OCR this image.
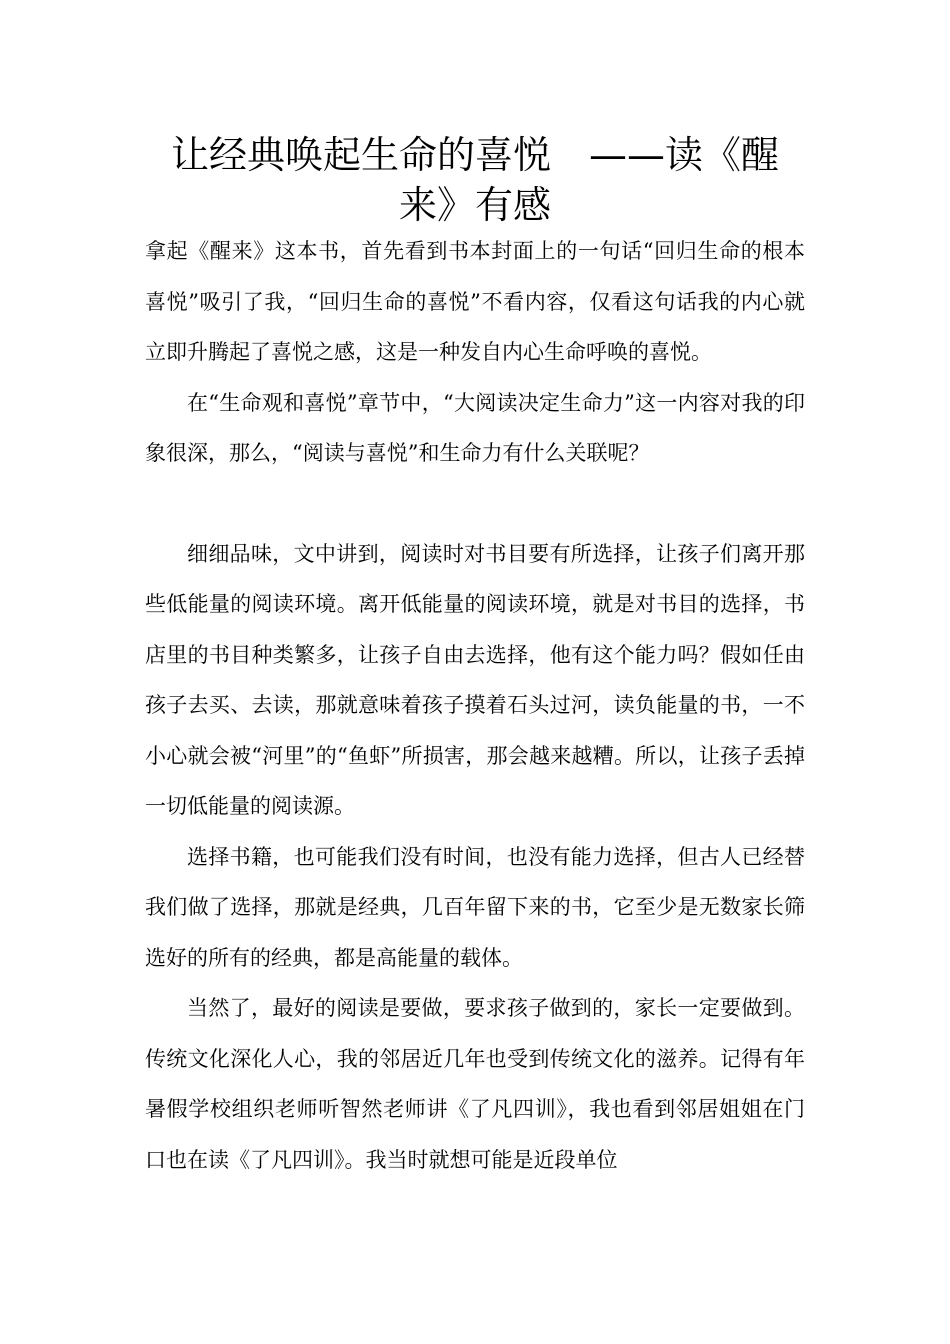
让经典唤起生命的喜悦　——读《醒来》有感

拿起《醒来》这本书，首先看到书本封面上的一句话“回归生命的根本喜悦”吸引了我，“回归生命的喜悦”不看内容，仅看这句话我的内心就立即升腾起了喜悦之感，这是一种发自内心生命呼唤的喜悦。

在“生命观和喜悦”章节中，“大阅读决定生命力”这一内容对我的印象很深，那么，“阅读与喜悦”和生命力有什么关联呢？

细细品味，文中讲到，阅读时对书目要有所选择，让孩子们离开那些低能量的阅读环境。离开低能量的阅读环境，就是对书目的选择，书店里的书目种类繁多，让孩子自由去选择，他有这个能力吗？假如任由孩子去买、去读，那就意味着孩子摸着石头过河，读负能量的书，一不小心就会被“河里”的“鱼虾”所损害，那会越来越糟。所以，让孩子丢掉一切低能量的阅读源。

选择书籍，也可能我们没有时间，也没有能力选择，但古人已经替我们做了选择，那就是经典，几百年留下来的书，它至少是无数家长筛选好的所有的经典，都是高能量的载体。

当然了，最好的阅读是要做，要求孩子做到的，家长一定要做到。传统文化深化人心，我的邻居近几年也受到传统文化的滋养。记得有年暑假学校组织老师听智然老师讲《了凡四训》，我也看到邻居姐姐在门口也在读《了凡四训》。我当时就想可能是近段单位
